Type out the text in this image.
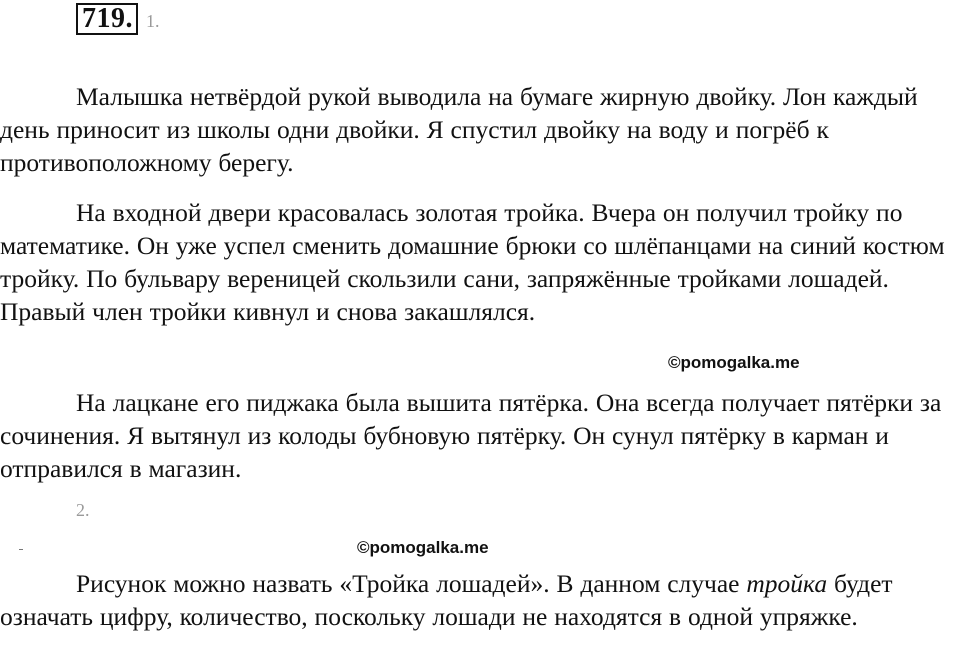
719. 1.

Малышка нетвёрдой рукой выводила на бумаге жирную двойку. Лон каждый день приносит из школы одни двойки. Я спустил двойку на воду и погрёб к противоположному берегу.

На входной двери красовалась золотая тройка. Вчера он получил тройку по математике. Он уже успел сменить домашние брюки со шлёпанцами на синий костюм тройку. По бульвару вереницей скользили сани, запряжённые тройками лошадей. Правый член тройки кивнул и снова закашлялся.

©pomogalka.me

На лацкане его пиджака была вышита пятёрка. Она всегда получает пятёрки за сочинения. Я вытянул из колоды бубновую пятёрку. Он сунул пятёрку в карман и отправился в магазин.

2.
©pomogalka.me

Рисунок можно назвать «Тройка лошадей». В данном случае тройка будет означать цифру, количество, поскольку лошади не находятся в одной упряжке.
